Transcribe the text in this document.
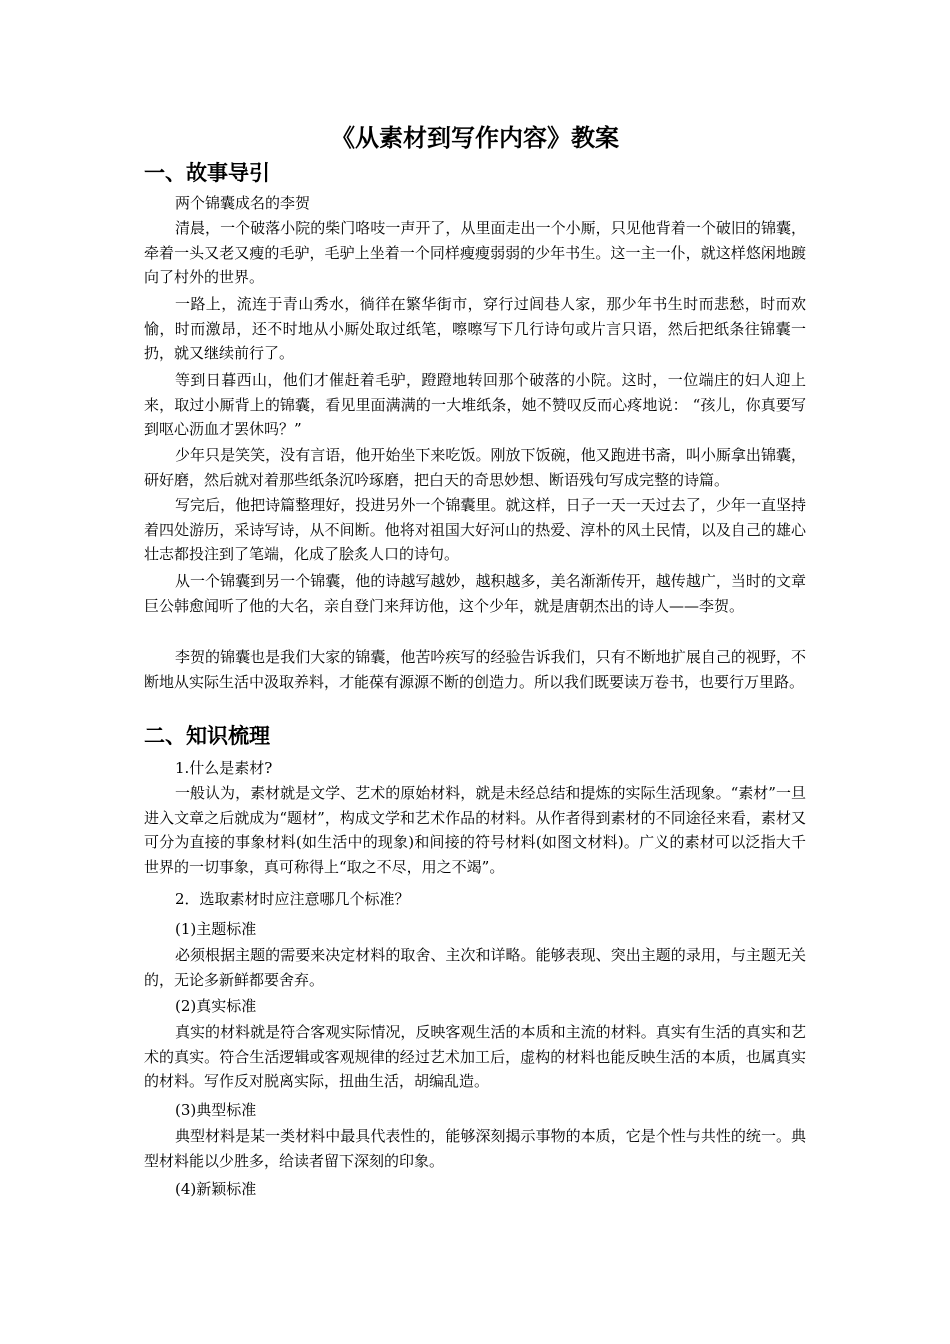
《从素材到写作内容》教案
一、故事导引
两个锦囊成名的李贺
清晨，一个破落小院的柴门咯吱一声开了，从里面走出一个小厮，只见他背着一个破旧的锦囊，牵着一头又老又瘦的毛驴，毛驴上坐着一个同样瘦瘦弱弱的少年书生。这一主一仆，就这样悠闲地踱向了村外的世界。
一路上，流连于青山秀水，徜徉在繁华街市，穿行过闾巷人家，那少年书生时而悲愁，时而欢愉，时而激昂，还不时地从小厮处取过纸笔，嚓嚓写下几行诗句或片言只语，然后把纸条往锦囊一扔，就又继续前行了。
等到日暮西山，他们才催赶着毛驴，蹬蹬地转回那个破落的小院。这时，一位端庄的妇人迎上来，取过小厮背上的锦囊，看见里面满满的一大堆纸条，她不赞叹反而心疼地说： “孩儿，你真要写到呕心沥血才罢休吗？”
少年只是笑笑，没有言语，他开始坐下来吃饭。刚放下饭碗，他又跑进书斋，叫小厮拿出锦囊，研好磨，然后就对着那些纸条沉吟琢磨，把白天的奇思妙想、断语残句写成完整的诗篇。
写完后，他把诗篇整理好，投进另外一个锦囊里。就这样，日子一天一天过去了，少年一直坚持着四处游历，采诗写诗，从不间断。他将对祖国大好河山的热爱、淳朴的风土民情，以及自己的雄心壮志都投注到了笔端，化成了脍炙人口的诗句。
从一个锦囊到另一个锦囊，他的诗越写越妙，越积越多，美名渐渐传开，越传越广，当时的文章巨公韩愈闻听了他的大名，亲自登门来拜访他，这个少年，就是唐朝杰出的诗人——李贺。
李贺的锦囊也是我们大家的锦囊，他苦吟疾写的经验告诉我们，只有不断地扩展自己的视野，不断地从实际生活中汲取养料，才能葆有源源不断的创造力。所以我们既要读万卷书，也要行万里路。
二、知识梳理
1.什么是素材?
一般认为，素材就是文学、艺术的原始材料，就是未经总结和提炼的实际生活现象。“素材”一旦进入文章之后就成为“题材”，构成文学和艺术作品的材料。从作者得到素材的不同途径来看，素材又可分为直接的事象材料(如生活中的现象)和间接的符号材料(如图文材料)。广义的素材可以泛指大千世界的一切事象，真可称得上“取之不尽，用之不竭”。
2．选取素材时应注意哪几个标准？
(1)主题标准
必须根据主题的需要来决定材料的取舍、主次和详略。能够表现、突出主题的录用，与主题无关的，无论多新鲜都要舍弃。
(2)真实标准
真实的材料就是符合客观实际情况，反映客观生活的本质和主流的材料。真实有生活的真实和艺术的真实。符合生活逻辑或客观规律的经过艺术加工后，虚构的材料也能反映生活的本质，也属真实的材料。写作反对脱离实际，扭曲生活，胡编乱造。
(3)典型标准
典型材料是某一类材料中最具代表性的，能够深刻揭示事物的本质，它是个性与共性的统一。典型材料能以少胜多，给读者留下深刻的印象。
(4)新颖标准
